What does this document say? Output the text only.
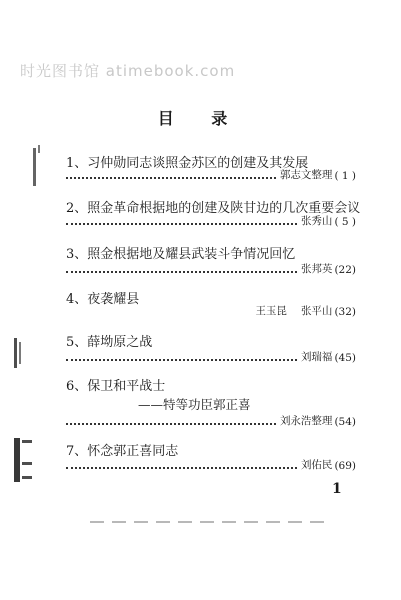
时光图书馆 atimebook.com
目 录
1、习仲勋同志谈照金苏区的创建及其发展
郭志文整理 ( 1 )
2、照金革命根据地的创建及陕甘边的几次重要会议
张秀山 ( 5 )
3、照金根据地及耀县武装斗争情况回忆
张邦英 (22)
4、夜袭耀县
王玉昆 张平山 (32)
5、薛坳原之战
刘瑞福 (45)
6、保卫和平战士
——特等功臣郭正喜
刘永浩整理 (54)
7、怀念郭正喜同志
刘佑民 (69)
1
